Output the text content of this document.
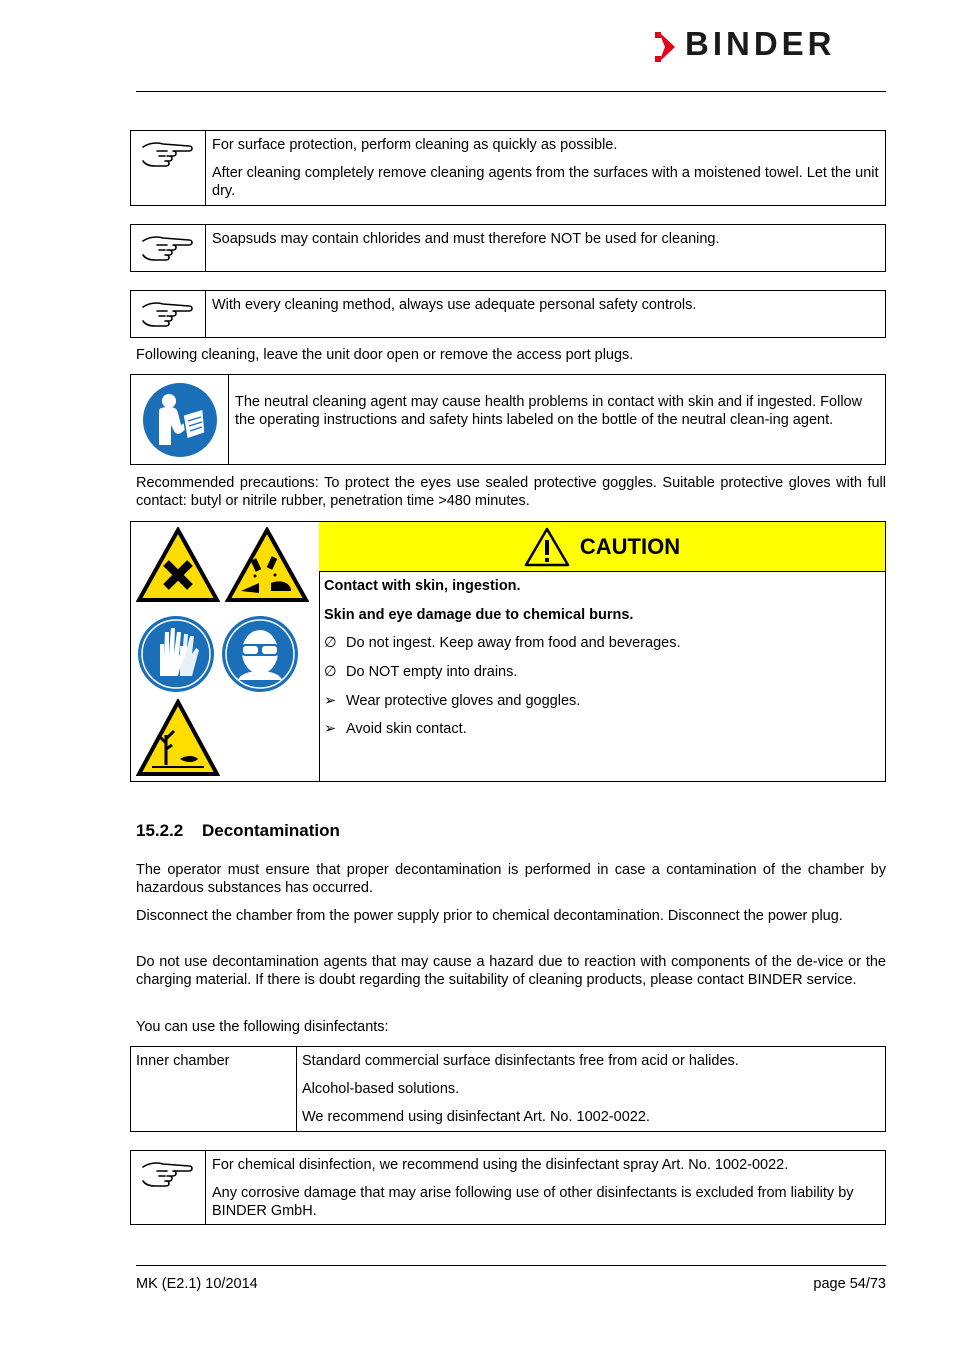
BINDER

For surface protection, perform cleaning as quickly as possible.

After cleaning completely remove cleaning agents from the surfaces with a moistened towel. Let the unit dry.

Soapsuds may contain chlorides and must therefore NOT be used for cleaning.

With every cleaning method, always use adequate personal safety controls.

Following cleaning, leave the unit door open or remove the access port plugs.
The neutral cleaning agent may cause health problems in contact with skin and if ingested. Follow the operating instructions and safety hints labeled on the bottle of the neutral clean-ing agent.
Recommended precautions: To protect the eyes use sealed protective goggles. Suitable protective gloves with full contact: butyl or nitrile rubber, penetration time >480 minutes.
CAUTION
Contact with skin, ingestion.
Skin and eye damage due to chemical burns.
∅ Do not ingest. Keep away from food and beverages.
∅ Do NOT empty into drains.
➢ Wear protective gloves and goggles.
➢ Avoid skin contact.
15.2.2 Decontamination
The operator must ensure that proper decontamination is performed in case a contamination of the chamber by hazardous substances has occurred.
Disconnect the chamber from the power supply prior to chemical decontamination. Disconnect the power plug.
Do not use decontamination agents that may cause a hazard due to reaction with components of the de-vice or the charging material. If there is doubt regarding the suitability of cleaning products, please contact BINDER service.
You can use the following disinfectants:
Inner chamber	Standard commercial surface disinfectants free from acid or halides.

Alcohol-based solutions.

We recommend using disinfectant Art. No. 1002-0022.

For chemical disinfection, we recommend using the disinfectant spray Art. No. 1002-0022.

Any corrosive damage that may arise following use of other disinfectants is excluded from liability by BINDER GmbH.

MK (E2.1) 10/2014	page 54/73
